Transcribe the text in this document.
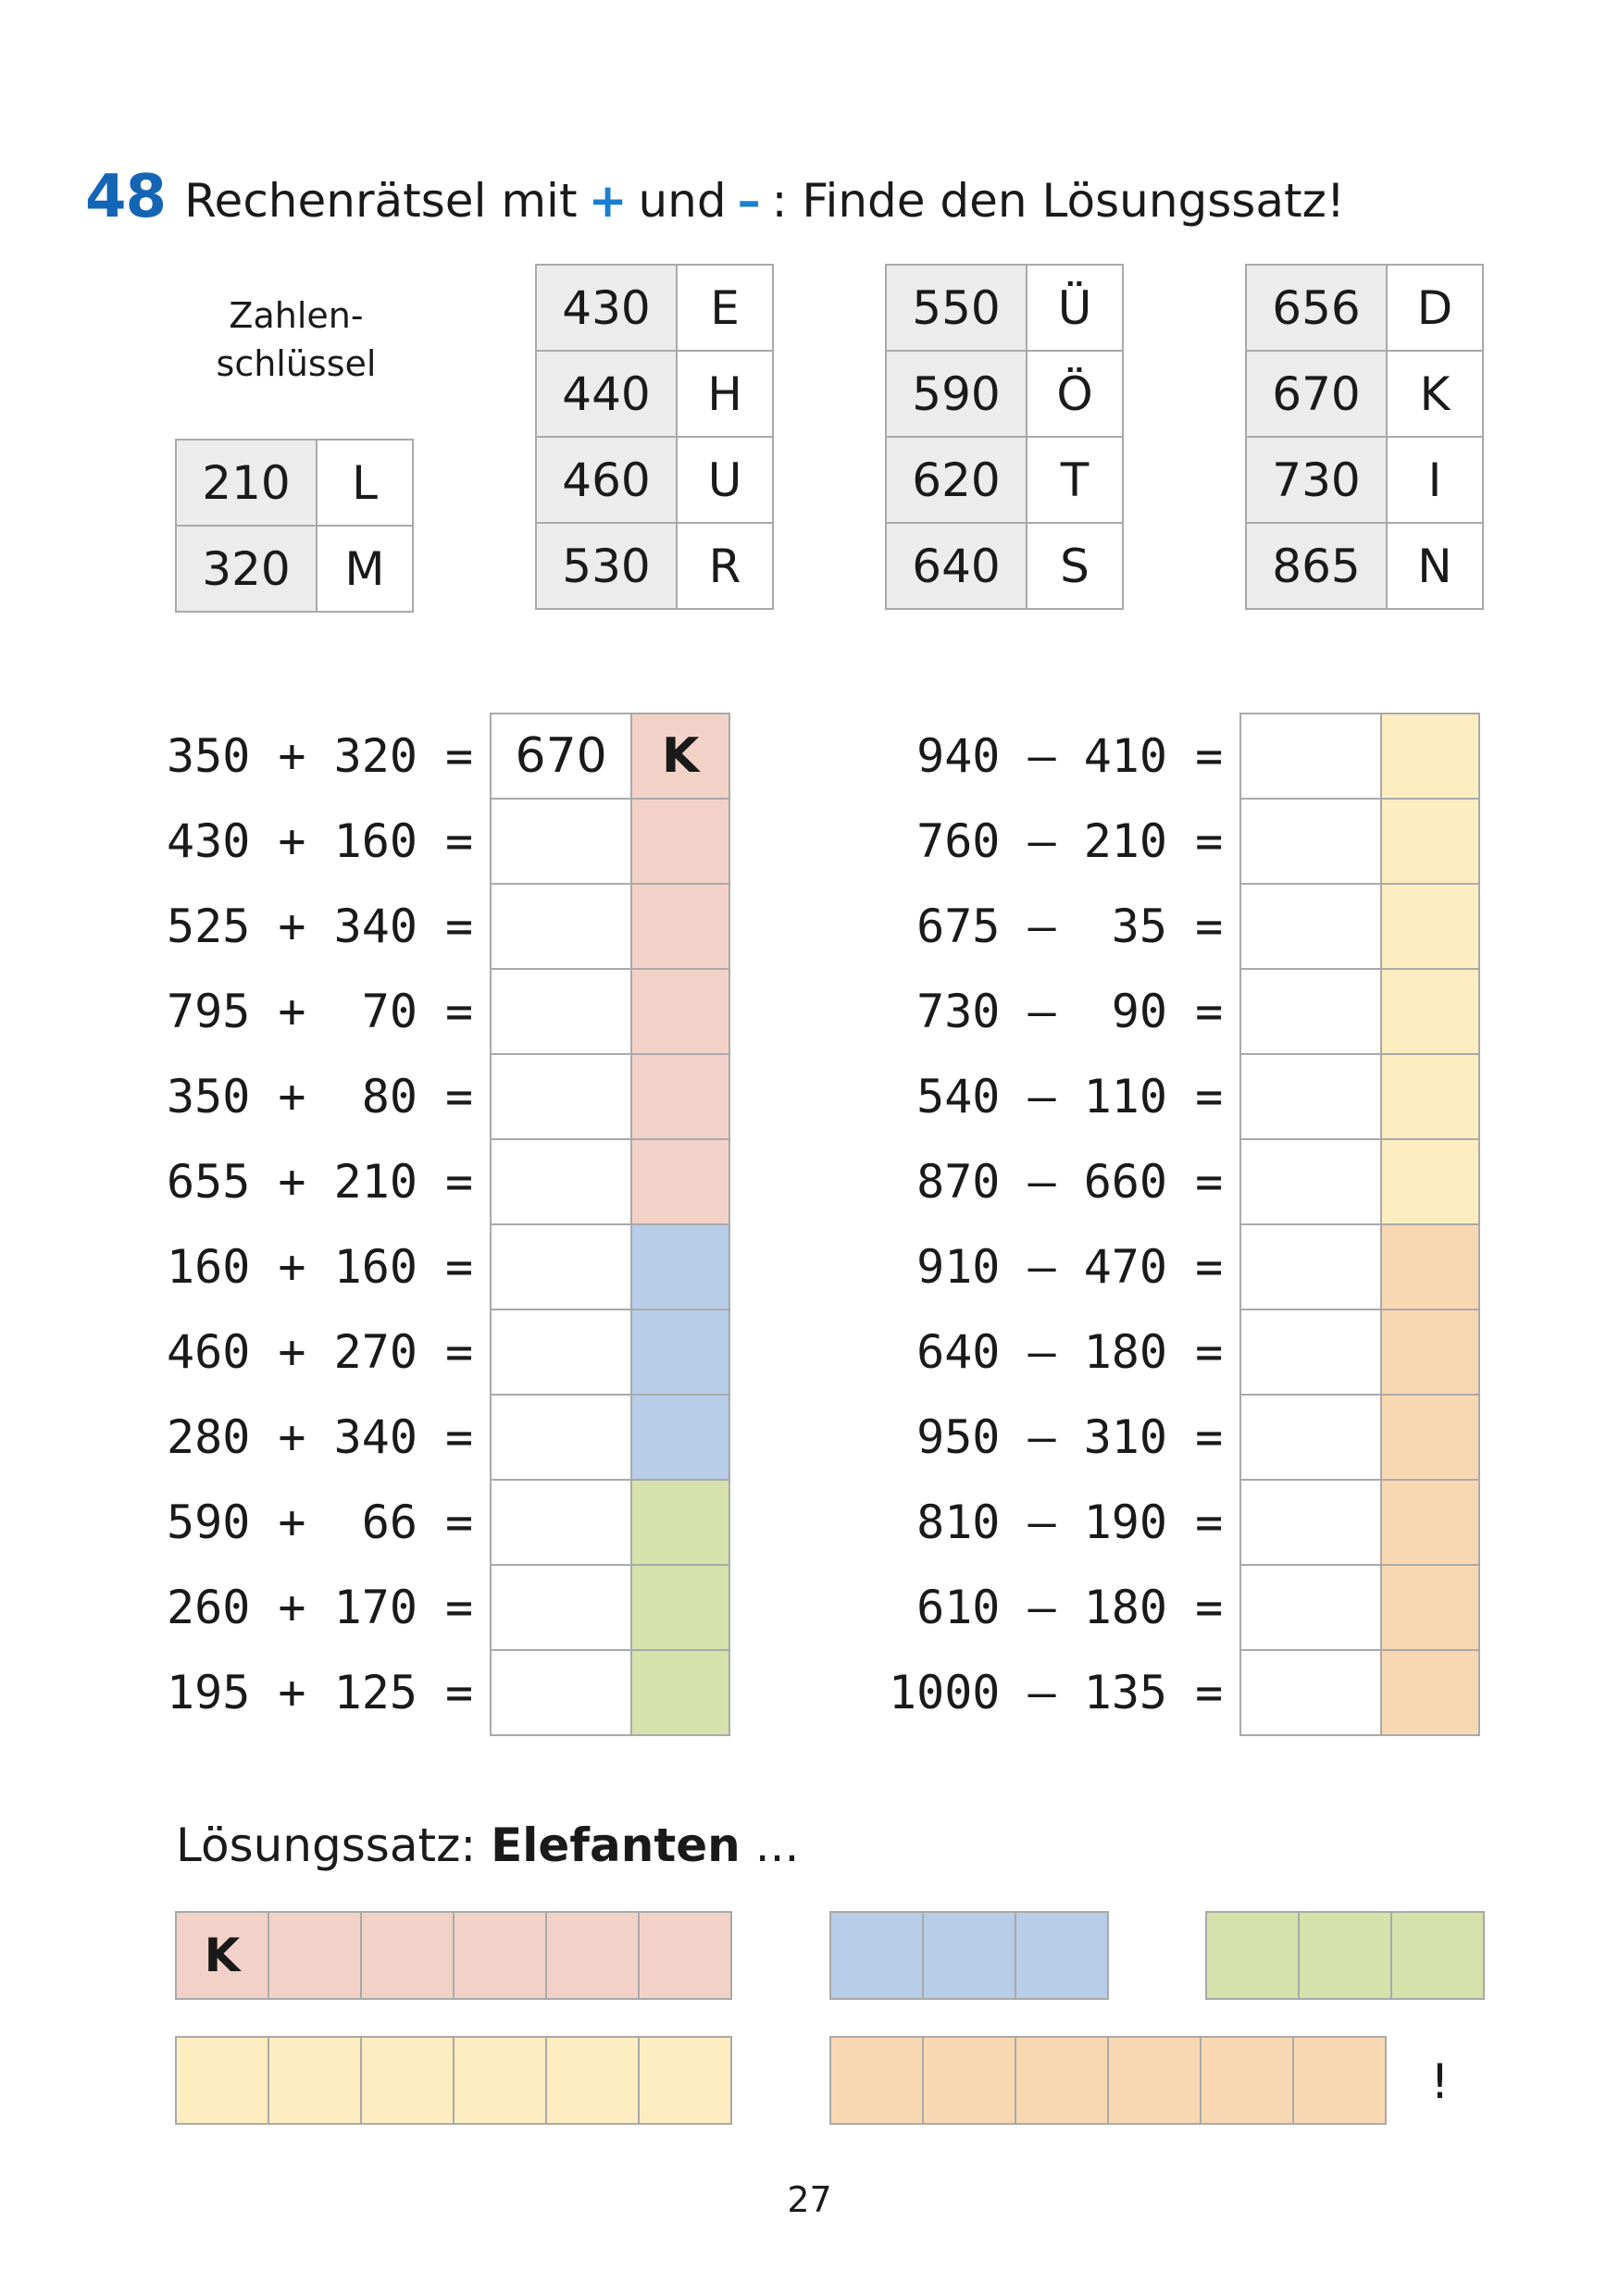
48 Rechenrätsel mit + und – : Finde den Lösungssatz!
Zahlen-
schlüssel
210	L
320	M
430	E
440	H
460	U
530	R
550	Ü
590	Ö
620	T
640	S
656	D
670	K
730	I
865	N
350 + 320 =	670	K
430 + 160 =		
525 + 340 =		
795 +  70 =		
350 +  80 =		
655 + 210 =		
160 + 160 =		
460 + 270 =		
280 + 340 =		
590 +  66 =		
260 + 170 =		
195 + 125 =		
940 – 410 =		
760 – 210 =		
675 –  35 =		
730 –  90 =		
540 – 110 =		
870 – 660 =		
910 – 470 =		
640 – 180 =		
950 – 310 =		
810 – 190 =		
610 – 180 =		
1000 – 135 =		
Lösungssatz: Elefanten ...
K
!
27
